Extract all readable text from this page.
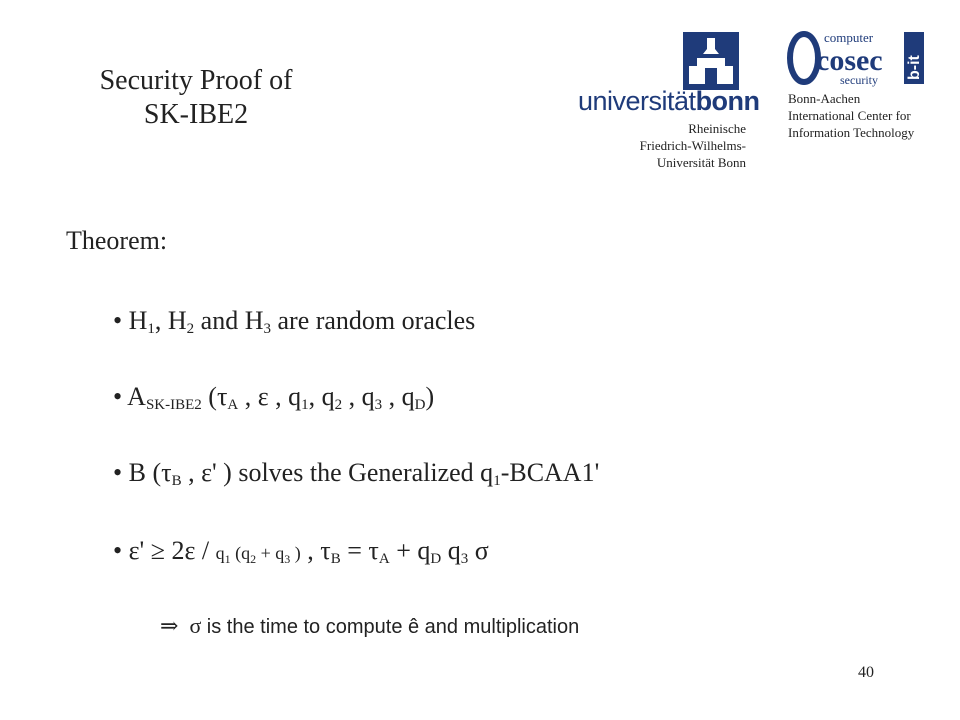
Security Proof of
SK-IBE2	universitätbonn
Rheinische
Friedrich-Wilhelms-
Universität Bonn
computer
cosec
security b-it
Bonn-Aachen
International Center for
Information Technology
Theorem:
• $H_1$, $H_2$ and $H_3$ are random oracles
• $A_{SK-IBE2}$ ($\tau_A$ , ε , $q_1$, $q_2$ , $q_3$ , $q_D$)
• B ($\tau_B$ , ε' ) solves the Generalized $q_1-BCAA1'$
• $\varepsilon' \ge 2\varepsilon / q_1$ ($q_2 + q_3$ ) , $\tau_B = \tau_A + q_D$ $q_3$ σ
⇒ σ is the time to compute ê and multiplication
40
